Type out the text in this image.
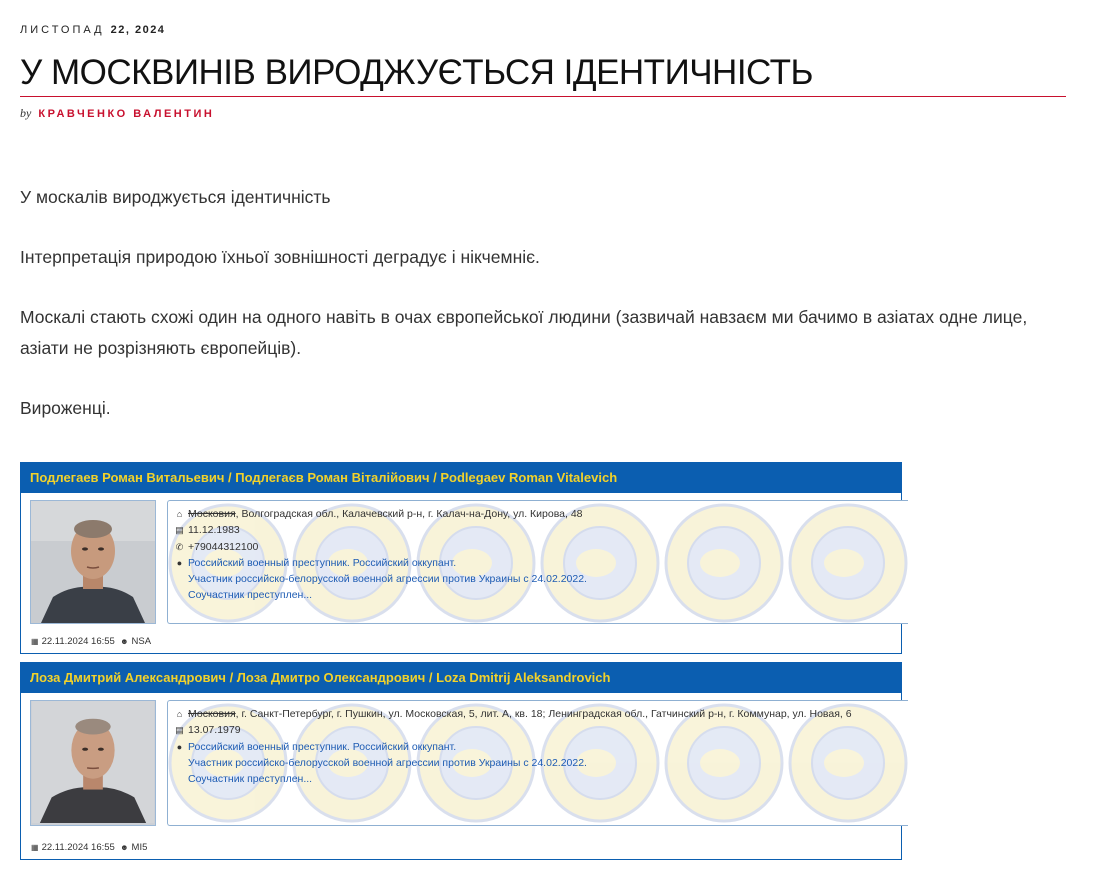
ЛИСТОПАД 22, 2024
У МОСКВИНІВ ВИРОДЖУЄТЬСЯ ІДЕНТИЧНІСТЬ
by КРАВЧЕНКО ВАЛЕНТИН

У москалів вироджується ідентичність

Інтерпретація природою їхньої зовнішності деградує і нікчемніє.

Москалі стають схожі один на одного навіть в очах європейської людини (зазвичай навзаєм ми бачимо в азіатах одне лице, азіати не розрізняють європейців).

Вироженці.

Подлегаев Роман Витальевич / Подлегаєв Роман Віталійович / Podlegaev Roman Vitalevich
⌂ Московия, Волгоградская обл., Калачевский р-н, г. Калач-на-Дону, ул. Кирова, 48
▤ 11.12.1983
✆ +79044312100
● Российский военный преступник. Российский оккупант.
Участник российско-белорусской военной агрессии против Украины с 24.02.2022.
Соучастник преступлен...
▦ 22.11.2024 16:55 ☻ NSA
Лоза Дмитрий Александрович / Лоза Дмитро Олександрович / Loza Dmitrij Aleksandrovich
⌂ Московия, г. Санкт-Петербург, г. Пушкин, ул. Московская, 5, лит. А, кв. 18; Ленинградская обл., Гатчинский р-н, г. Коммунар, ул. Новая, 6
▤ 13.07.1979
● Российский военный преступник. Российский оккупант.
Участник российско-белорусской военной агрессии против Украины с 24.02.2022.
Соучастник преступлен...
▦ 22.11.2024 16:55 ☻ MI5
